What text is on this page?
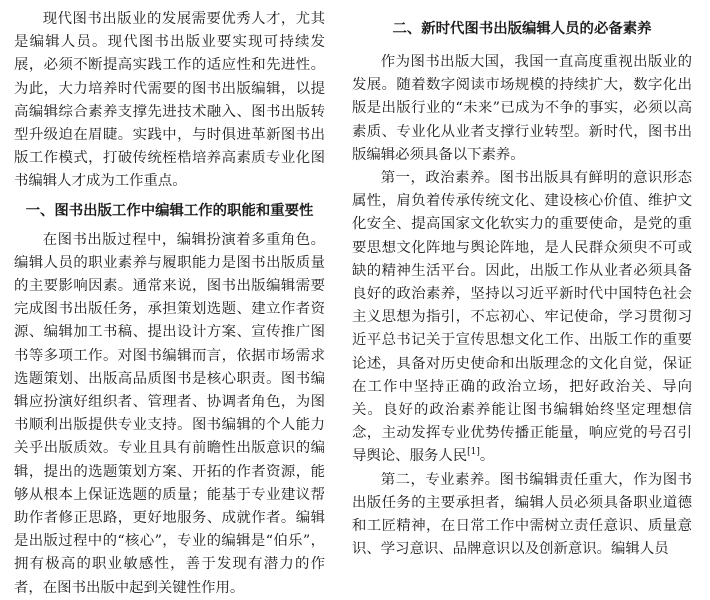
现代图书出版业的发展需要优秀人才，尤其是编辑人员。现代图书出版业要实现可持续发展，必须不断提高实践工作的适应性和先进性。为此，大力培养时代需要的图书出版编辑，以提高编辑综合素养支撑先进技术融入、图书出版转型升级迫在眉睫。实践中，与时俱进革新图书出版工作模式，打破传统桎梏培养高素质专业化图书编辑人才成为工作重点。

一、图书出版工作中编辑工作的职能和重要性

在图书出版过程中，编辑扮演着多重角色。编辑人员的职业素养与履职能力是图书出版质量的主要影响因素。通常来说，图书出版编辑需要完成图书出版任务，承担策划选题、建立作者资源、编辑加工书稿、提出设计方案、宣传推广图书等多项工作。对图书编辑而言，依据市场需求选题策划、出版高品质图书是核心职责。图书编辑应扮演好组织者、管理者、协调者角色，为图书顺利出版提供专业支持。图书编辑的个人能力关乎出版质效。专业且具有前瞻性出版意识的编辑，提出的选题策划方案、开拓的作者资源，能够从根本上保证选题的质量；能基于专业建议帮助作者修正思路，更好地服务、成就作者。编辑是出版过程中的“核心”，专业的编辑是“伯乐”，拥有极高的职业敏感性，善于发现有潜力的作者，在图书出版中起到关键性作用。

二、新时代图书出版编辑人员的必备素养

作为图书出版大国，我国一直高度重视出版业的发展。随着数字阅读市场规模的持续扩大，数字化出版是出版行业的“未来”已成为不争的事实，必须以高素质、专业化从业者支撑行业转型。新时代，图书出版编辑必须具备以下素养。

第一，政治素养。图书出版具有鲜明的意识形态属性，肩负着传承传统文化、建设核心价值、维护文化安全、提高国家文化软实力的重要使命，是党的重要思想文化阵地与舆论阵地，是人民群众须臾不可或缺的精神生活平台。因此，出版工作从业者必须具备良好的政治素养，坚持以习近平新时代中国特色社会主义思想为指引，不忘初心、牢记使命，学习贯彻习近平总书记关于宣传思想文化工作、出版工作的重要论述，具备对历史使命和出版理念的文化自觉，保证在工作中坚持正确的政治立场，把好政治关、导向关。良好的政治素养能让图书编辑始终坚定理想信念，主动发挥专业优势传播正能量，响应党的号召引导舆论、服务人民[1]。

第二，专业素养。图书编辑责任重大，作为图书出版任务的主要承担者，编辑人员必须具备职业道德和工匠精神，在日常工作中需树立责任意识、质量意识、学习意识、品牌意识以及创新意识。编辑人员
